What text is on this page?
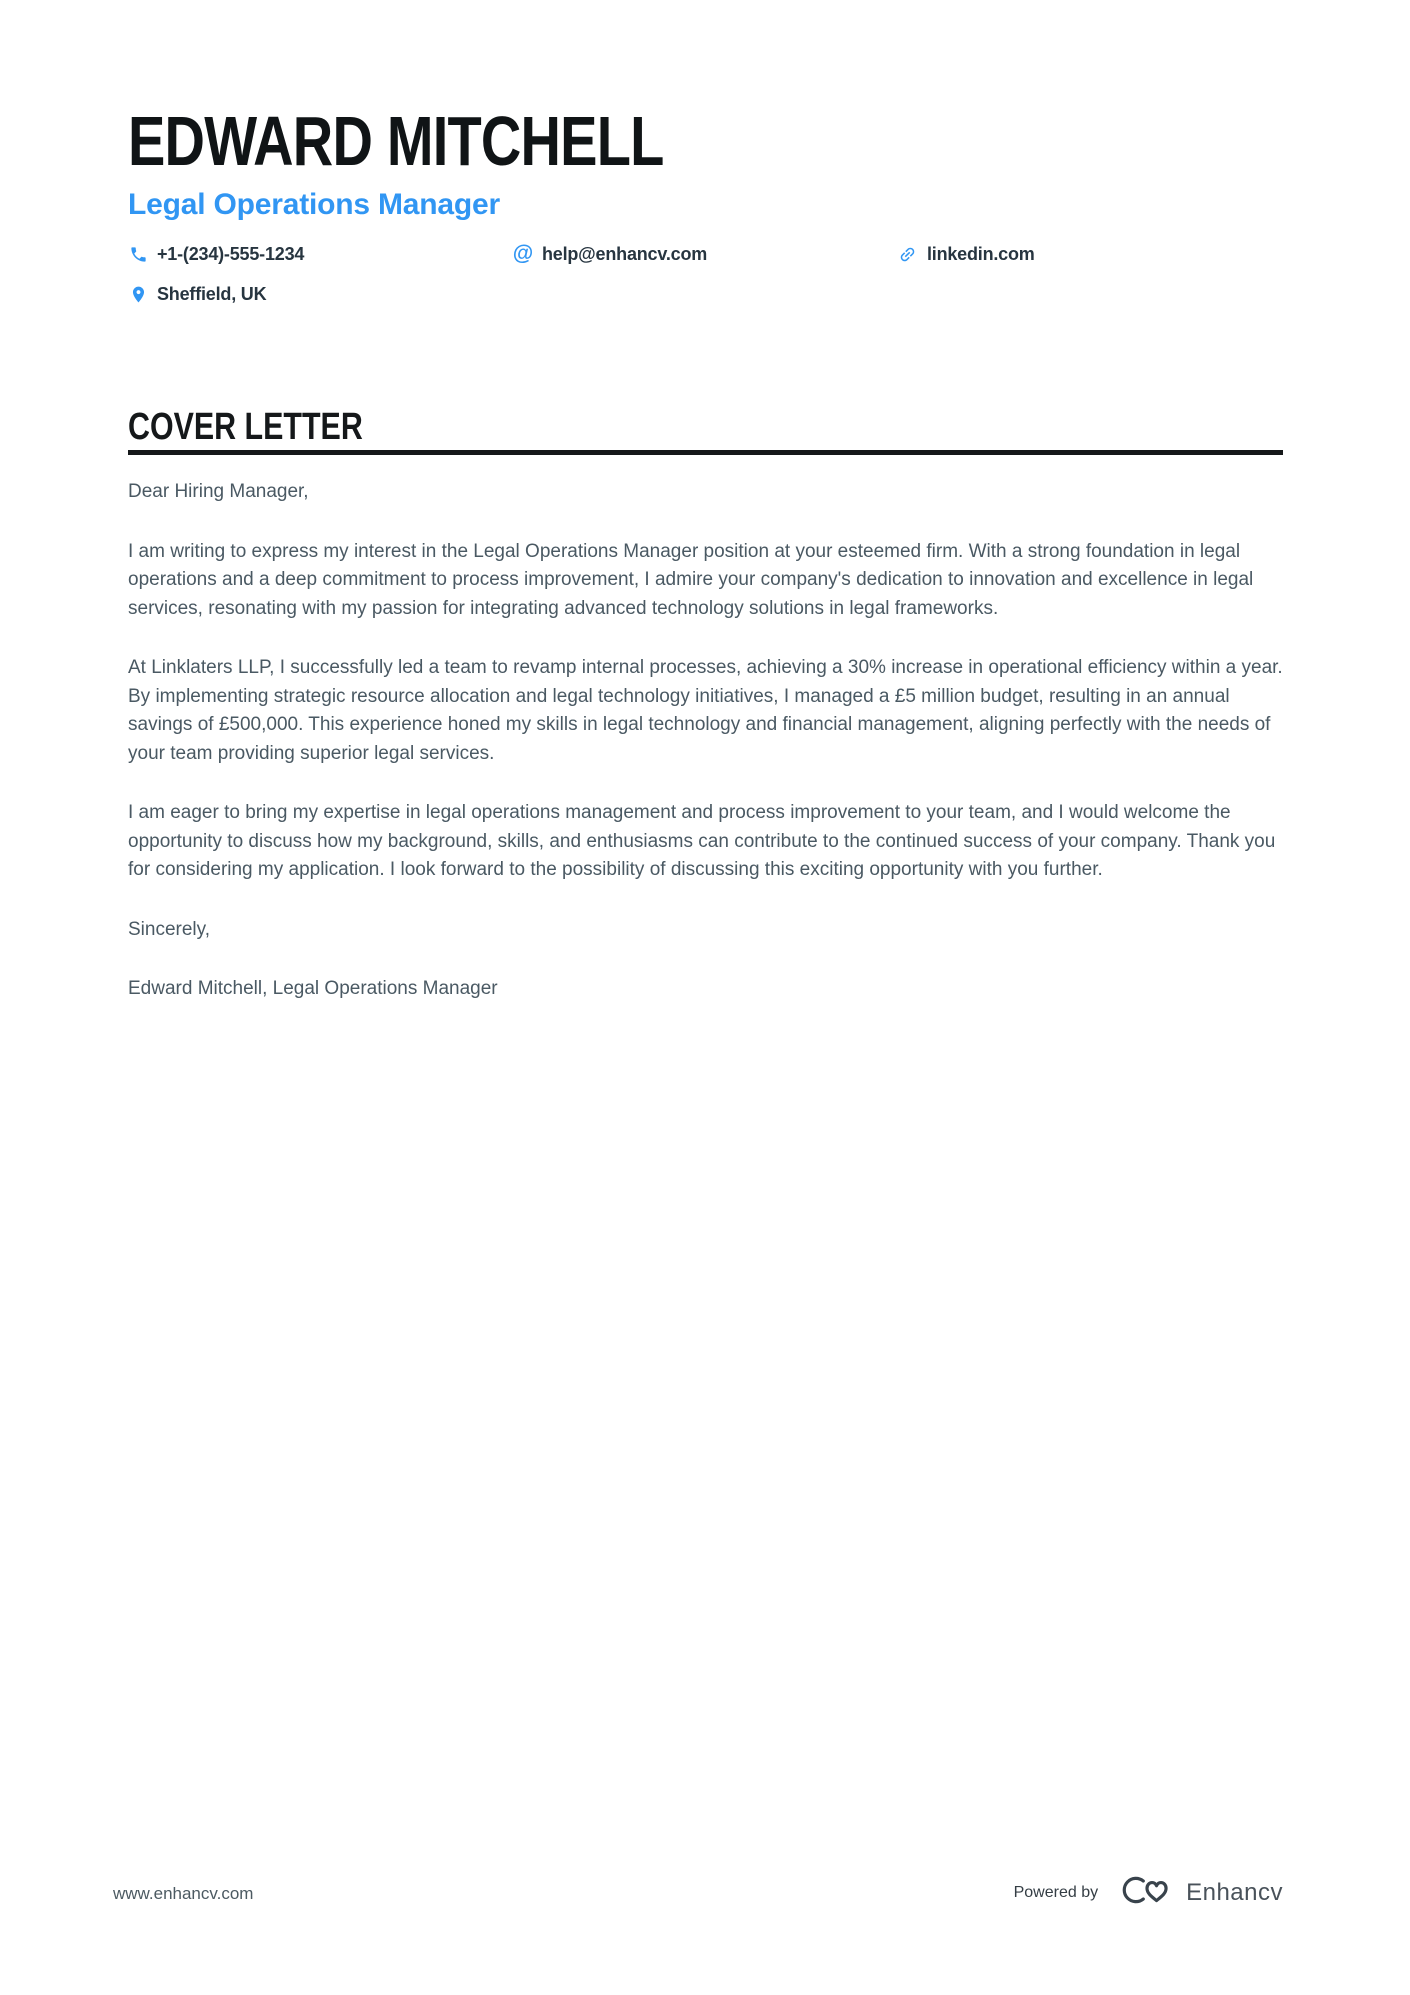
EDWARD MITCHELL
Legal Operations Manager
+1-(234)-555-1234	@ help@enhancv.com	linkedin.com
Sheffield, UK
COVER LETTER

Dear Hiring Manager,

I am writing to express my interest in the Legal Operations Manager position at your esteemed firm. With a strong foundation in legal operations and a deep commitment to process improvement, I admire your company's dedication to innovation and excellence in legal services, resonating with my passion for integrating advanced technology solutions in legal frameworks.

At Linklaters LLP, I successfully led a team to revamp internal processes, achieving a 30% increase in operational efficiency within a year. By implementing strategic resource allocation and legal technology initiatives, I managed a £5 million budget, resulting in an annual savings of £500,000. This experience honed my skills in legal technology and financial management, aligning perfectly with the needs of your team providing superior legal services.

I am eager to bring my expertise in legal operations management and process improvement to your team, and I would welcome the opportunity to discuss how my background, skills, and enthusiasms can contribute to the continued success of your company. Thank you for considering my application. I look forward to the possibility of discussing this exciting opportunity with you further.

Sincerely,

Edward Mitchell, Legal Operations Manager

www.enhancv.com	Powered by	Enhancv
